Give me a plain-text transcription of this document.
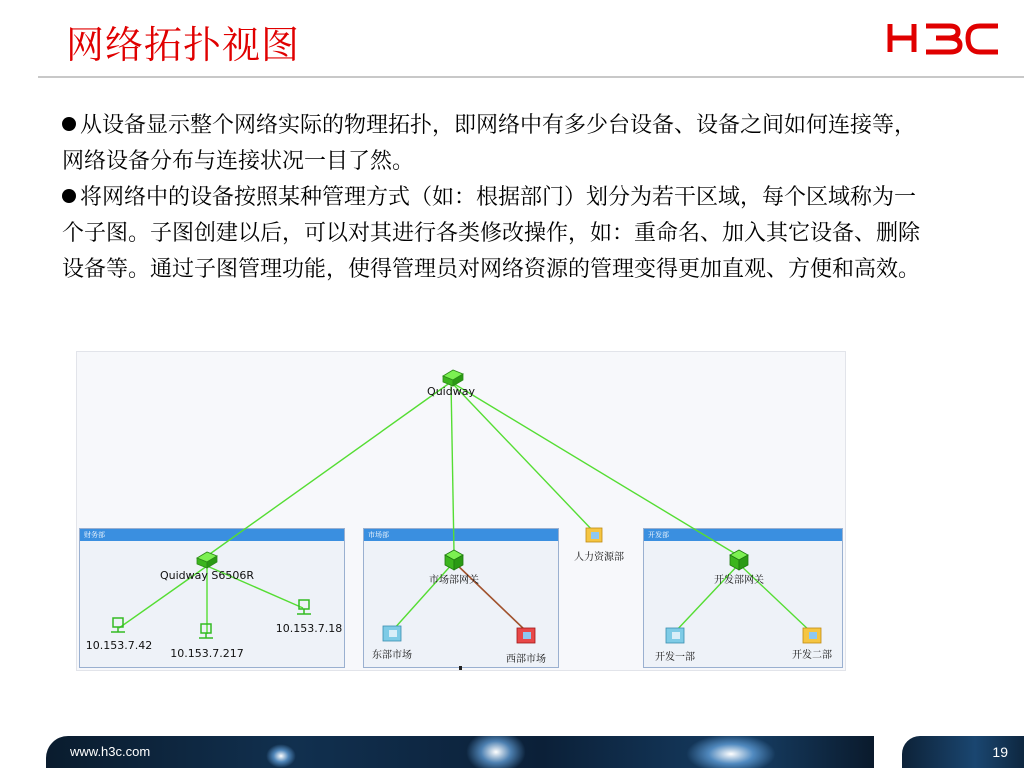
网络拓扑视图

从设备显示整个网络实际的物理拓扑，即网络中有多少台设备、设备之间如何连接等，网络设备分布与连接状况一目了然。

将网络中的设备按照某种管理方式（如：根据部门）划分为若干区域，每个区域称为一个子图。子图创建以后，可以对其进行各类修改操作，如：重命名、加入其它设备、删除设备等。通过子图管理功能，使得管理员对网络资源的管理变得更加直观、方便和高效。

财务部	市场部	开发部
Quidway
Quidway S6506R
10.153.7.42
10.153.7.217
10.153.7.18
市场部网关
东部市场	西部市场
人力资源部
开发部网关
开发一部	开发二部
www.h3c.com	19
